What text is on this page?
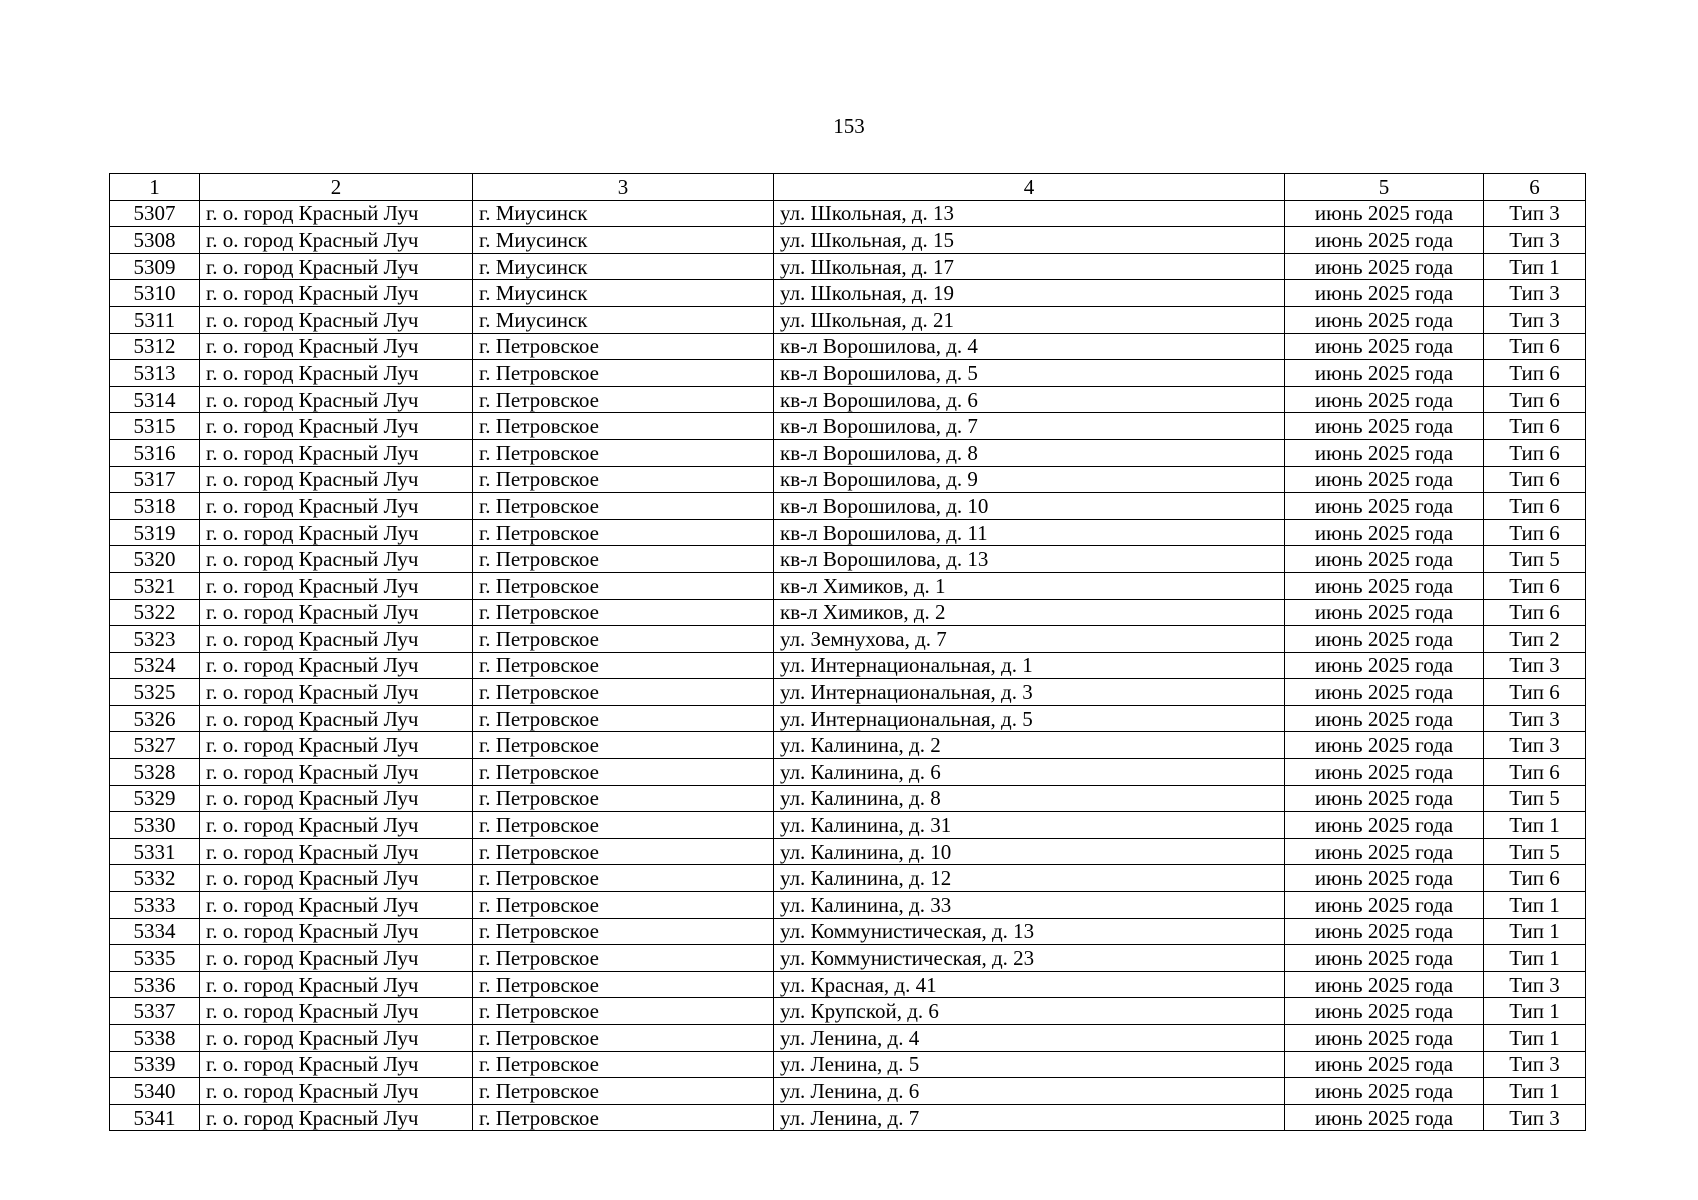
153
1	2	3	4	5	6
5307	г. о. город Красный Луч	г. Миусинск	ул. Школьная, д. 13	июнь 2025 года	Тип 3
5308	г. о. город Красный Луч	г. Миусинск	ул. Школьная, д. 15	июнь 2025 года	Тип 3
5309	г. о. город Красный Луч	г. Миусинск	ул. Школьная, д. 17	июнь 2025 года	Тип 1
5310	г. о. город Красный Луч	г. Миусинск	ул. Школьная, д. 19	июнь 2025 года	Тип 3
5311	г. о. город Красный Луч	г. Миусинск	ул. Школьная, д. 21	июнь 2025 года	Тип 3
5312	г. о. город Красный Луч	г. Петровское	кв-л Ворошилова, д. 4	июнь 2025 года	Тип 6
5313	г. о. город Красный Луч	г. Петровское	кв-л Ворошилова, д. 5	июнь 2025 года	Тип 6
5314	г. о. город Красный Луч	г. Петровское	кв-л Ворошилова, д. 6	июнь 2025 года	Тип 6
5315	г. о. город Красный Луч	г. Петровское	кв-л Ворошилова, д. 7	июнь 2025 года	Тип 6
5316	г. о. город Красный Луч	г. Петровское	кв-л Ворошилова, д. 8	июнь 2025 года	Тип 6
5317	г. о. город Красный Луч	г. Петровское	кв-л Ворошилова, д. 9	июнь 2025 года	Тип 6
5318	г. о. город Красный Луч	г. Петровское	кв-л Ворошилова, д. 10	июнь 2025 года	Тип 6
5319	г. о. город Красный Луч	г. Петровское	кв-л Ворошилова, д. 11	июнь 2025 года	Тип 6
5320	г. о. город Красный Луч	г. Петровское	кв-л Ворошилова, д. 13	июнь 2025 года	Тип 5
5321	г. о. город Красный Луч	г. Петровское	кв-л Химиков, д. 1	июнь 2025 года	Тип 6
5322	г. о. город Красный Луч	г. Петровское	кв-л Химиков, д. 2	июнь 2025 года	Тип 6
5323	г. о. город Красный Луч	г. Петровское	ул. Земнухова, д. 7	июнь 2025 года	Тип 2
5324	г. о. город Красный Луч	г. Петровское	ул. Интернациональная, д. 1	июнь 2025 года	Тип 3
5325	г. о. город Красный Луч	г. Петровское	ул. Интернациональная, д. 3	июнь 2025 года	Тип 6
5326	г. о. город Красный Луч	г. Петровское	ул. Интернациональная, д. 5	июнь 2025 года	Тип 3
5327	г. о. город Красный Луч	г. Петровское	ул. Калинина, д. 2	июнь 2025 года	Тип 3
5328	г. о. город Красный Луч	г. Петровское	ул. Калинина, д. 6	июнь 2025 года	Тип 6
5329	г. о. город Красный Луч	г. Петровское	ул. Калинина, д. 8	июнь 2025 года	Тип 5
5330	г. о. город Красный Луч	г. Петровское	ул. Калинина, д. 31	июнь 2025 года	Тип 1
5331	г. о. город Красный Луч	г. Петровское	ул. Калинина, д. 10	июнь 2025 года	Тип 5
5332	г. о. город Красный Луч	г. Петровское	ул. Калинина, д. 12	июнь 2025 года	Тип 6
5333	г. о. город Красный Луч	г. Петровское	ул. Калинина, д. 33	июнь 2025 года	Тип 1
5334	г. о. город Красный Луч	г. Петровское	ул. Коммунистическая, д. 13	июнь 2025 года	Тип 1
5335	г. о. город Красный Луч	г. Петровское	ул. Коммунистическая, д. 23	июнь 2025 года	Тип 1
5336	г. о. город Красный Луч	г. Петровское	ул. Красная, д. 41	июнь 2025 года	Тип 3
5337	г. о. город Красный Луч	г. Петровское	ул. Крупской, д. 6	июнь 2025 года	Тип 1
5338	г. о. город Красный Луч	г. Петровское	ул. Ленина, д. 4	июнь 2025 года	Тип 1
5339	г. о. город Красный Луч	г. Петровское	ул. Ленина, д. 5	июнь 2025 года	Тип 3
5340	г. о. город Красный Луч	г. Петровское	ул. Ленина, д. 6	июнь 2025 года	Тип 1
5341	г. о. город Красный Луч	г. Петровское	ул. Ленина, д. 7	июнь 2025 года	Тип 3
